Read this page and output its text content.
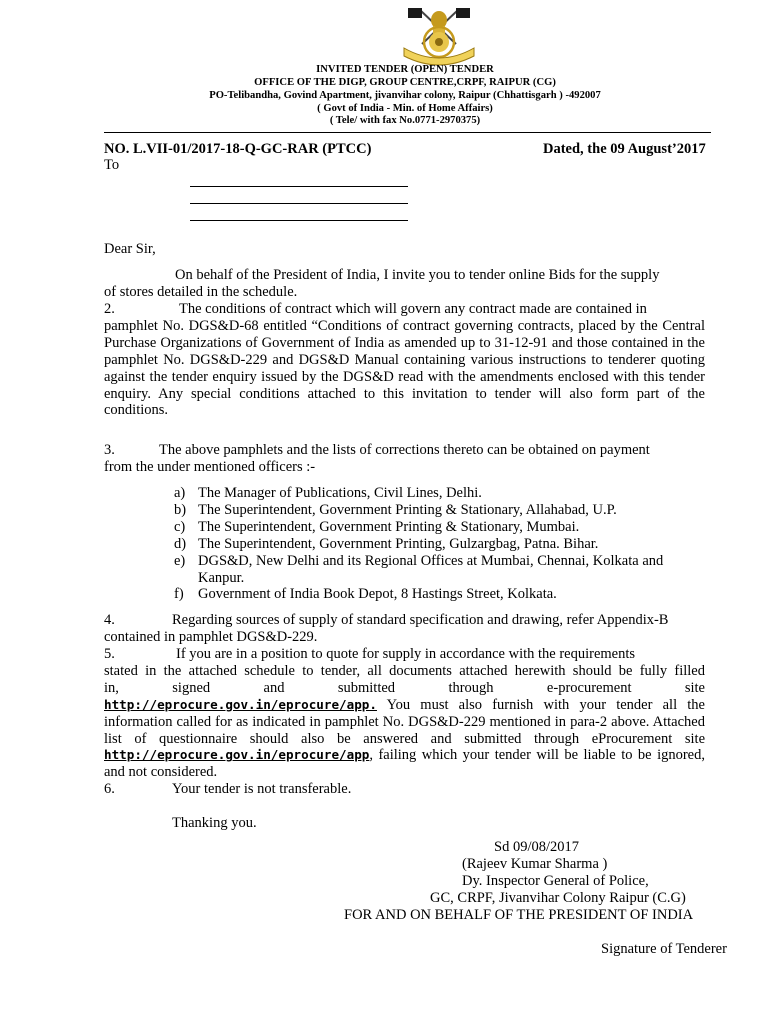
INVITED TENDER (OPEN) TENDER
OFFICE OF THE DIGP, GROUP CENTRE,CRPF, RAIPUR (CG)
PO-Telibandha, Govind Apartment, jivanvihar colony, Raipur (Chhattisgarh ) -492007
( Govt of India - Min. of Home Affairs)
( Tele/ with fax No.0771-2970375)
NO. L.VII-01/2017-18-Q-GC-RAR (PTCC)	Dated, the 09 August’2017
To
Dear Sir,
On behalf of the President of India, I invite you to tender online Bids for the supply
of stores detailed in the schedule.
2.	The conditions of contract which will govern any contract made are contained in
pamphlet No. DGS&D-68 entitled “Conditions of contract governing contracts, placed by the Central Purchase Organizations of Government of India as amended up to 31-12-91 and those contained in the pamphlet No. DGS&D-229 and DGS&D Manual containing various instructions to tenderer quoting against the tender enquiry issued by the DGS&D read with the amendments enclosed with this tender enquiry. Any special conditions attached to this invitation to tender will also form part of the conditions.
3.	The above pamphlets and the lists of corrections thereto can be obtained on payment
from the under mentioned officers :-
a) The Manager of Publications, Civil Lines, Delhi.
b) The Superintendent, Government Printing & Stationary, Allahabad, U.P.
c) The Superintendent, Government Printing & Stationary, Mumbai.
d) The Superintendent, Government Printing, Gulzargbag, Patna. Bihar.
e) DGS&D, New Delhi and its Regional Offices at Mumbai, Chennai, Kolkata and Kanpur.
f) Government of India Book Depot, 8 Hastings Street, Kolkata.
4.	Regarding sources of supply of standard specification and drawing, refer Appendix-B
contained in pamphlet DGS&D-229.
5.	If you are in a position to quote for supply in accordance with the requirements
stated in the attached schedule to tender, all documents attached herewith should be fully filled
in, signed and submitted through e-procurement site
http://eprocure.gov.in/eprocure/app. You must also furnish with your tender all the information called for as indicated in pamphlet No. DGS&D-229 mentioned in para-2 above. Attached list of questionnaire should also be answered and submitted through eProcurement site http://eprocure.gov.in/eprocure/app, failing which your tender will be liable to be ignored, and not considered.
6.	Your tender is not transferable.
Thanking you.
Sd 09/08/2017
(Rajeev Kumar Sharma )
Dy. Inspector General of Police,
GC, CRPF, Jivanvihar Colony Raipur (C.G)
FOR AND ON BEHALF OF THE PRESIDENT OF INDIA
Signature of Tenderer
